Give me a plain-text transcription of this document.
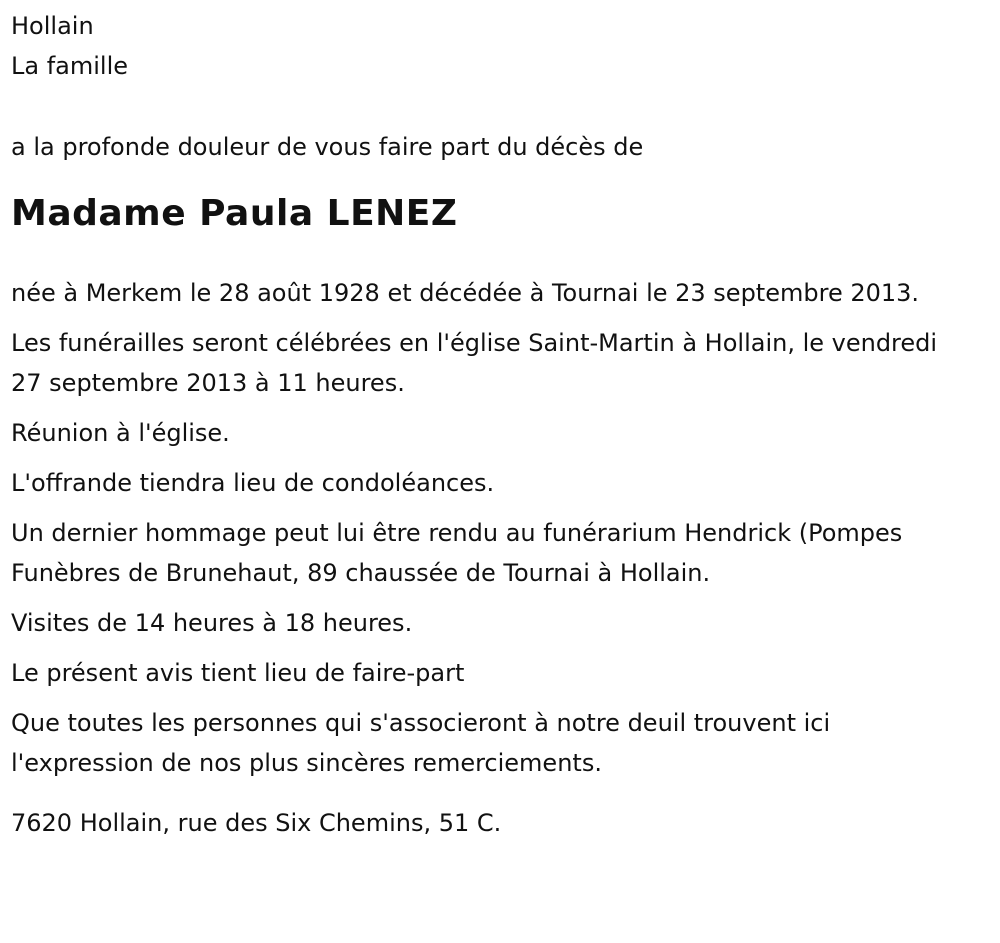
Hollain

La famille

a la profonde douleur de vous faire part du décès de

Madame Paula LENEZ

née à Merkem le 28 août 1928 et décédée à Tournai le 23 septembre 2013.

Les funérailles seront célébrées en l'église Saint-Martin à Hollain, le vendredi 27 septembre 2013 à 11 heures.

Réunion à l'église.

L'offrande tiendra lieu de condoléances.

Un dernier hommage peut lui être rendu au funérarium Hendrick (Pompes Funèbres de Brunehaut, 89 chaussée de Tournai à Hollain.

Visites de 14 heures à 18 heures.

Le présent avis tient lieu de faire-part

Que toutes les personnes qui s'associeront à notre deuil trouvent ici l'expression de nos plus sincères remerciements.

7620 Hollain, rue des Six Chemins, 51 C.
